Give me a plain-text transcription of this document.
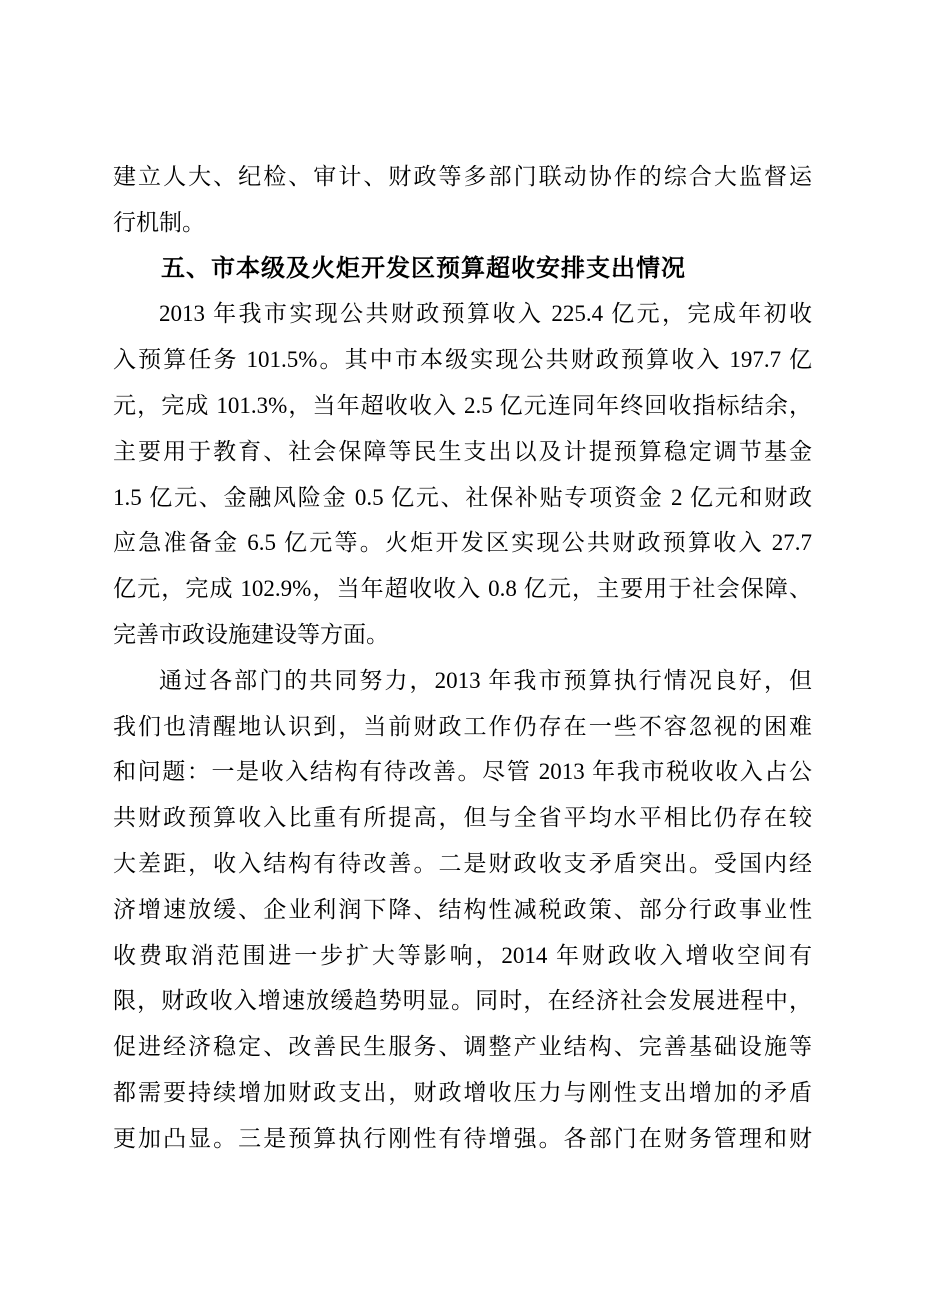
建立人大、纪检、审计、财政等多部门联动协作的综合大监督运
行机制。
五、市本级及火炬开发区预算超收安排支出情况
2013 年我市实现公共财政预算收入 225.4 亿元，完成年初收
入预算任务 101.5%。其中市本级实现公共财政预算收入 197.7 亿
元，完成 101.3%，当年超收收入 2.5 亿元连同年终回收指标结余，
主要用于教育、社会保障等民生支出以及计提预算稳定调节基金
1.5 亿元、金融风险金 0.5 亿元、社保补贴专项资金 2 亿元和财政
应急准备金 6.5 亿元等。火炬开发区实现公共财政预算收入 27.7
亿元，完成 102.9%，当年超收收入 0.8 亿元，主要用于社会保障、
完善市政设施建设等方面。
通过各部门的共同努力，2013 年我市预算执行情况良好，但
我们也清醒地认识到，当前财政工作仍存在一些不容忽视的困难
和问题：一是收入结构有待改善。尽管 2013 年我市税收收入占公
共财政预算收入比重有所提高，但与全省平均水平相比仍存在较
大差距，收入结构有待改善。二是财政收支矛盾突出。受国内经
济增速放缓、企业利润下降、结构性减税政策、部分行政事业性
收费取消范围进一步扩大等影响，2014 年财政收入增收空间有
限，财政收入增速放缓趋势明显。同时，在经济社会发展进程中，
促进经济稳定、改善民生服务、调整产业结构、完善基础设施等
都需要持续增加财政支出，财政增收压力与刚性支出增加的矛盾
更加凸显。三是预算执行刚性有待增强。各部门在财务管理和财
